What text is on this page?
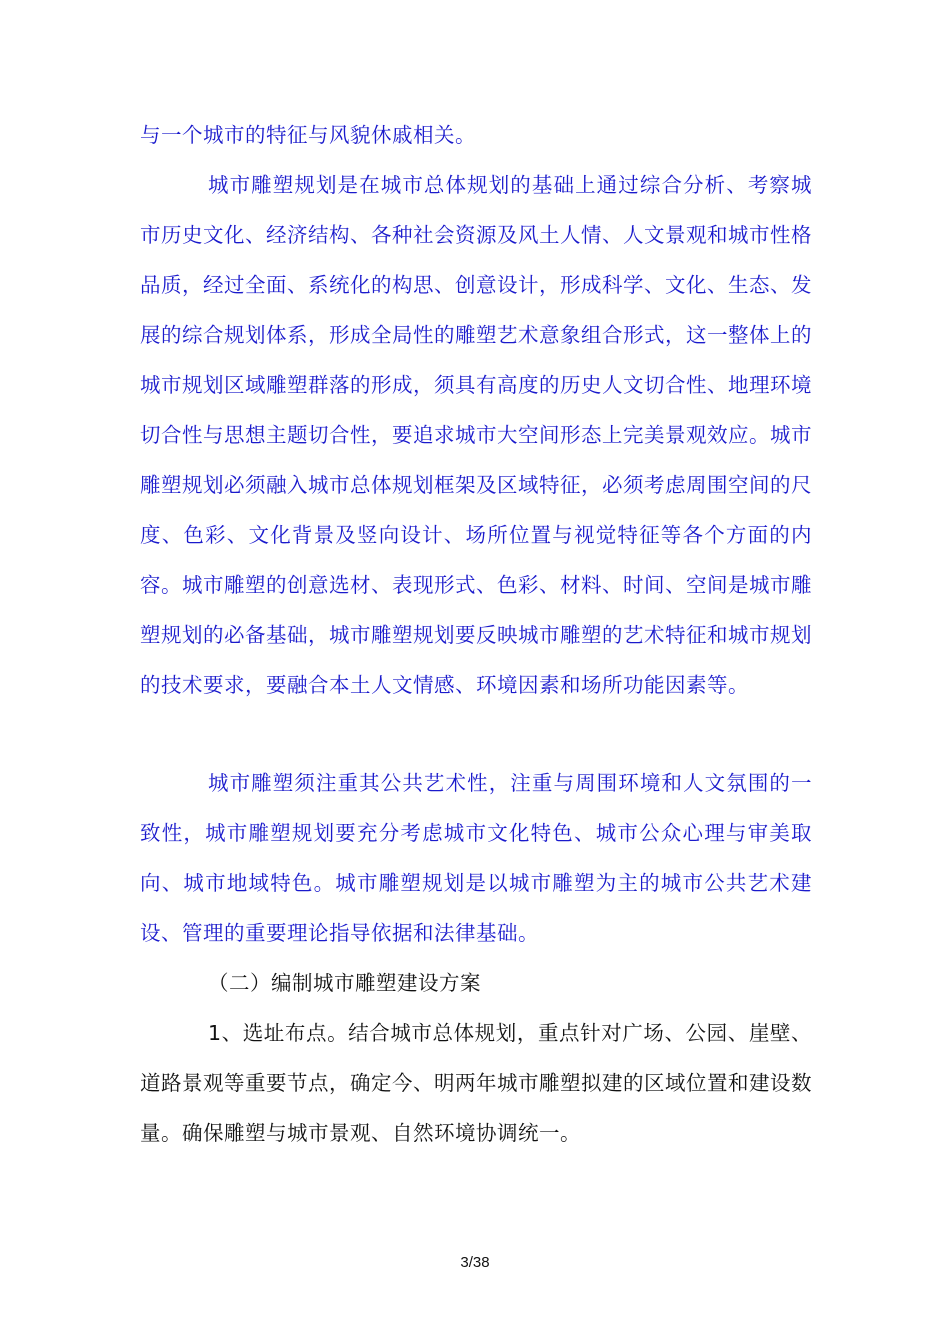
与一个城市的特征与风貌休戚相关。

城市雕塑规划是在城市总体规划的基础上通过综合分析、考察城市历史文化、经济结构、各种社会资源及风土人情、人文景观和城市性格品质，经过全面、系统化的构思、创意设计，形成科学、文化、生态、发展的综合规划体系，形成全局性的雕塑艺术意象组合形式，这一整体上的城市规划区域雕塑群落的形成，须具有高度的历史人文切合性、地理环境切合性与思想主题切合性，要追求城市大空间形态上完美景观效应。城市雕塑规划必须融入城市总体规划框架及区域特征，必须考虑周围空间的尺度、色彩、文化背景及竖向设计、场所位置与视觉特征等各个方面的内容。城市雕塑的创意选材、表现形式、色彩、材料、时间、空间是城市雕塑规划的必备基础，城市雕塑规划要反映城市雕塑的艺术特征和城市规划的技术要求，要融合本土人文情感、环境因素和场所功能因素等。

城市雕塑须注重其公共艺术性，注重与周围环境和人文氛围的一致性，城市雕塑规划要充分考虑城市文化特色、城市公众心理与审美取向、城市地域特色。城市雕塑规划是以城市雕塑为主的城市公共艺术建设、管理的重要理论指导依据和法律基础。

（二）编制城市雕塑建设方案

1、选址布点。结合城市总体规划，重点针对广场、公园、崖壁、道路景观等重要节点，确定今、明两年城市雕塑拟建的区域位置和建设数量。确保雕塑与城市景观、自然环境协调统一。

3/38
